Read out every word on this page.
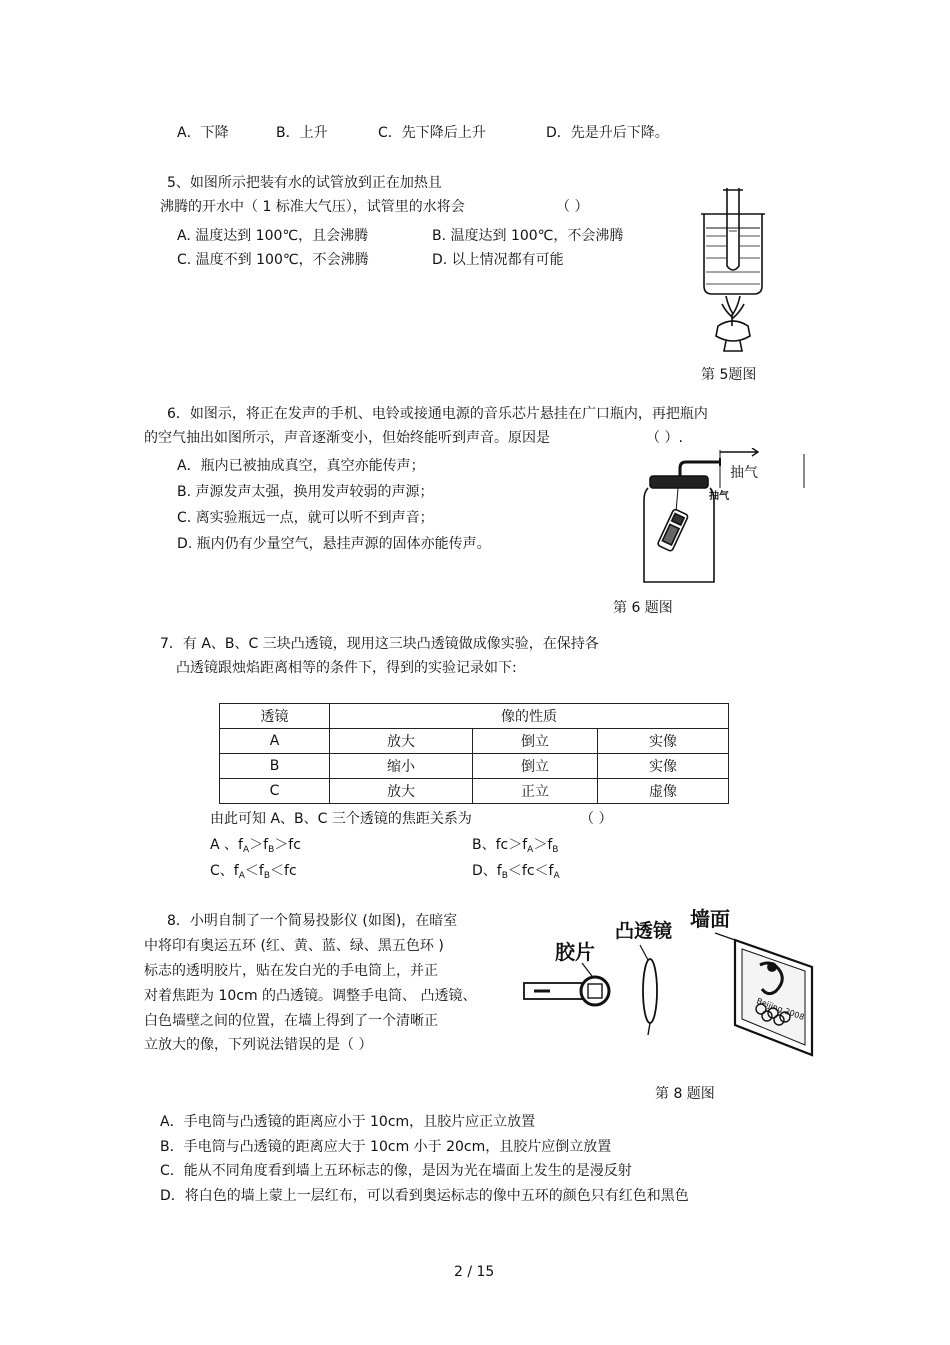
A．下降	B．上升	C．先下降后上升	D．先是升后下降。
5、如图所示把装有水的试管放到正在加热且
沸腾的开水中（ 1 标准大气压），试管里的水将会	（ ）
A. 温度达到 100℃，且会沸腾	B. 温度达到 100℃，不会沸腾
C. 温度不到 100℃，不会沸腾	D. 以上情况都有可能
第 5题图
6．如图示，将正在发声的手机、电铃或接通电源的音乐芯片悬挂在广口瓶内，再把瓶内
的空气抽出如图所示，声音逐渐变小，但始终能听到声音。原因是	（ ）.
A．瓶内已被抽成真空，真空亦能传声；
B. 声源发声太强，换用发声较弱的声源；
C. 离实验瓶远一点，就可以听不到声音；
D. 瓶内仍有少量空气，悬挂声源的固体亦能传声。
抽气
抽气
第 6 题图
7．有 A、B、C 三块凸透镜，现用这三块凸透镜做成像实验，在保持各
凸透镜跟烛焰距离相等的条件下，得到的实验记录如下:
透镜	像的性质		
A	放大	倒立	实像
B	缩小	倒立	实像
C	放大	正立	虚像
由此可知 A、B、C 三个透镜的焦距关系为	（ ）
A 、$f_A>f_B>fc$	B、$fc>f_A>f_B$
C、$f_A<f_B<fc$	D、$f_B<fc<f_A$
8．小明自制了一个简易投影仪 (如图)，在暗室
中将印有奥运五环 (红、黄、蓝、绿、黑五色环 )
标志的透明胶片，贴在发白光的手电筒上，并正
对着焦距为 10cm 的凸透镜。调整手电筒、 凸透镜、
白色墙壁之间的位置，在墙上得到了一个清晰正
立放大的像，下列说法错误的是（ ）
胶片
凸透镜 墙面
Beijing 2008
第 8 题图
A．手电筒与凸透镜的距离应小于 10cm，且胶片应正立放置
B．手电筒与凸透镜的距离应大于 10cm 小于 20cm，且胶片应倒立放置
C．能从不同角度看到墙上五环标志的像，是因为光在墙面上发生的是漫反射
D．将白色的墙上蒙上一层红布，可以看到奥运标志的像中五环的颜色只有红色和黑色
2 / 15
